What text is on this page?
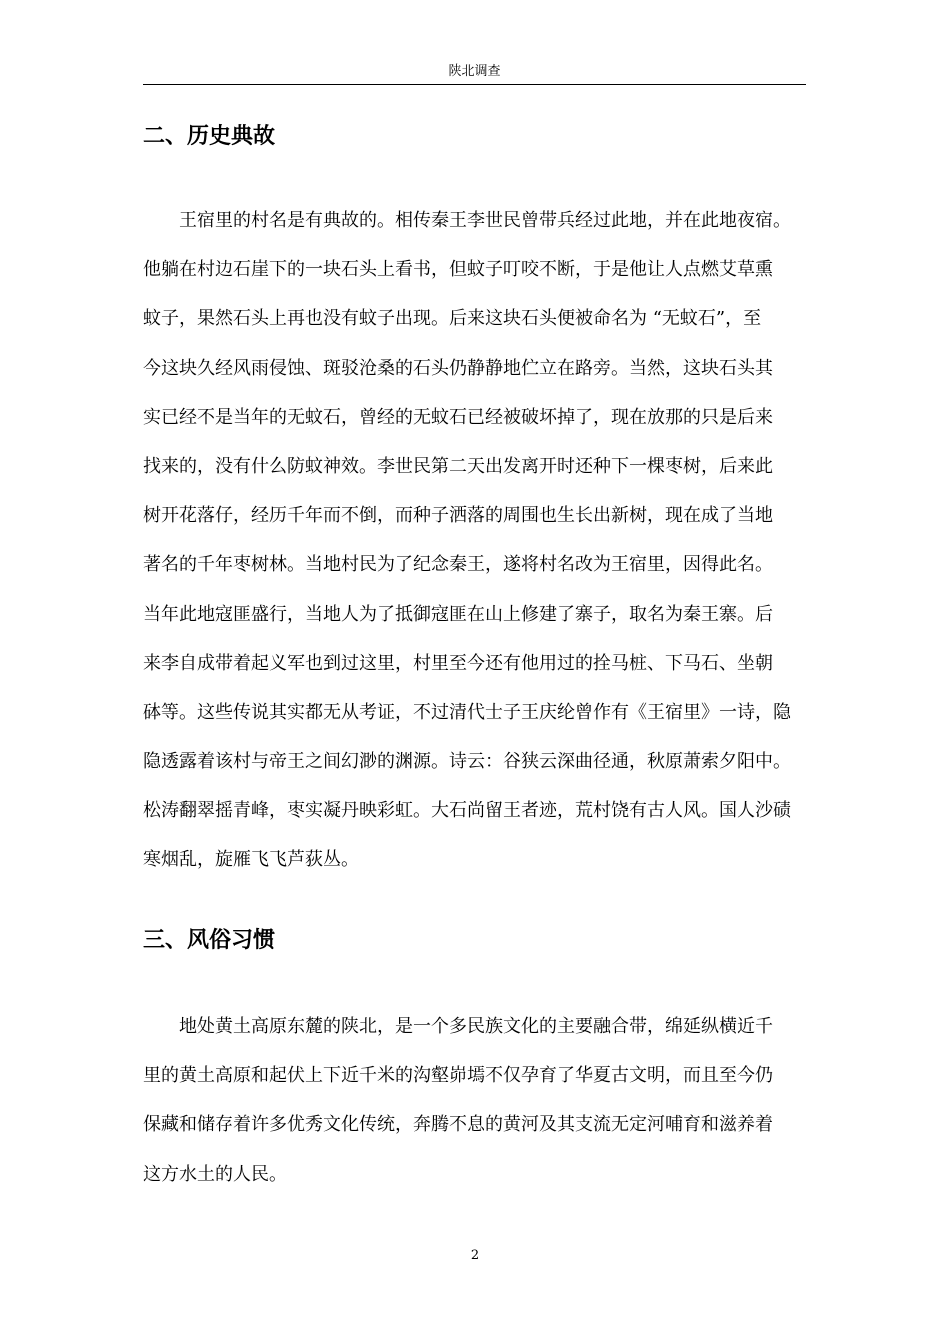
陕北调查
二、历史典故
王宿里的村名是有典故的。相传秦王李世民曾带兵经过此地，并在此地夜宿。
他躺在村边石崖下的一块石头上看书，但蚊子叮咬不断，于是他让人点燃艾草熏
蚊子，果然石头上再也没有蚊子出现。后来这块石头便被命名为 “无蚊石”，至
今这块久经风雨侵蚀、斑驳沧桑的石头仍静静地伫立在路旁。当然，这块石头其
实已经不是当年的无蚊石，曾经的无蚊石已经被破坏掉了，现在放那的只是后来
找来的，没有什么防蚊神效。李世民第二天出发离开时还种下一棵枣树，后来此
树开花落仔，经历千年而不倒，而种子洒落的周围也生长出新树，现在成了当地
著名的千年枣树林。当地村民为了纪念秦王，遂将村名改为王宿里，因得此名。
当年此地寇匪盛行，当地人为了抵御寇匪在山上修建了寨子，取名为秦王寨。后
来李自成带着起义军也到过这里，村里至今还有他用过的拴马桩、下马石、坐朝
砵等。这些传说其实都无从考证，不过清代士子王庆纶曾作有《王宿里》一诗，隐
隐透露着该村与帝王之间幻渺的渊源。诗云：谷狭云深曲径通，秋原萧索夕阳中。
松涛翻翠摇青峰，枣实凝丹映彩虹。大石尚留王者迹，荒村饶有古人风。国人沙碛
寒烟乱，旋雁飞飞芦荻丛。
三、风俗习惯
地处黄土高原东麓的陕北，是一个多民族文化的主要融合带，绵延纵横近千
里的黄土高原和起伏上下近千米的沟壑峁墕不仅孕育了华夏古文明，而且至今仍
保藏和储存着许多优秀文化传统，奔腾不息的黄河及其支流无定河哺育和滋养着
这方水土的人民。
2
